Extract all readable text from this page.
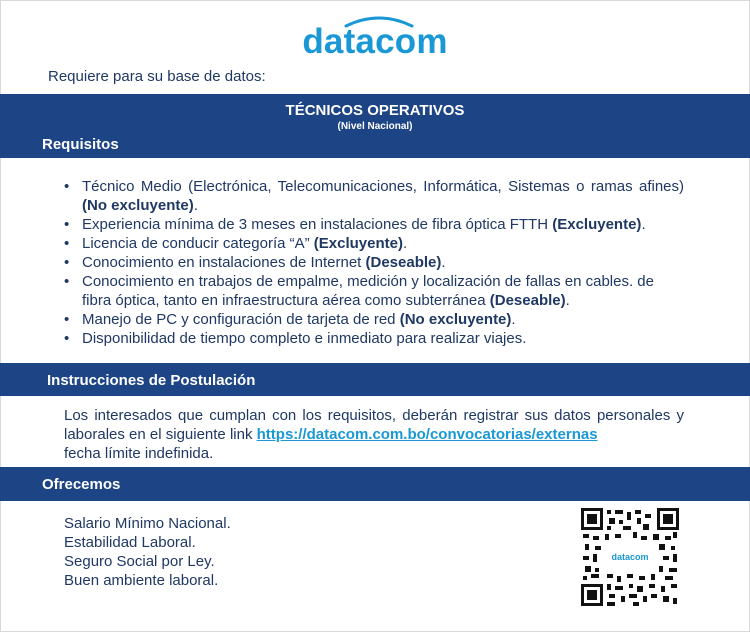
datacom
Requiere para su base de datos:
TÉCNICOS OPERATIVOS
(Nivel Nacional)
Requisitos
• Técnico Medio (Electrónica, Telecomunicaciones, Informática, Sistemas o ramas afines) (No excluyente).
• Experiencia mínima de 3 meses en instalaciones de fibra óptica FTTH (Excluyente).
• Licencia de conducir categoría “A” (Excluyente).
• Conocimiento en instalaciones de Internet (Deseable).
• Conocimiento en trabajos de empalme, medición y localización de fallas en cables. de fibra óptica, tanto en infraestructura aérea como subterránea (Deseable).
• Manejo de PC y configuración de tarjeta de red (No excluyente).
• Disponibilidad de tiempo completo e inmediato para realizar viajes.
Instrucciones de Postulación
Los interesados que cumplan con los requisitos, deberán registrar sus datos personales y laborales en el siguiente link https://datacom.com.bo/convocatorias/externas
fecha límite indefinida.
Ofrecemos
Salario Mínimo Nacional.
Estabilidad Laboral.
Seguro Social por Ley.
Buen ambiente laboral.
datacom
